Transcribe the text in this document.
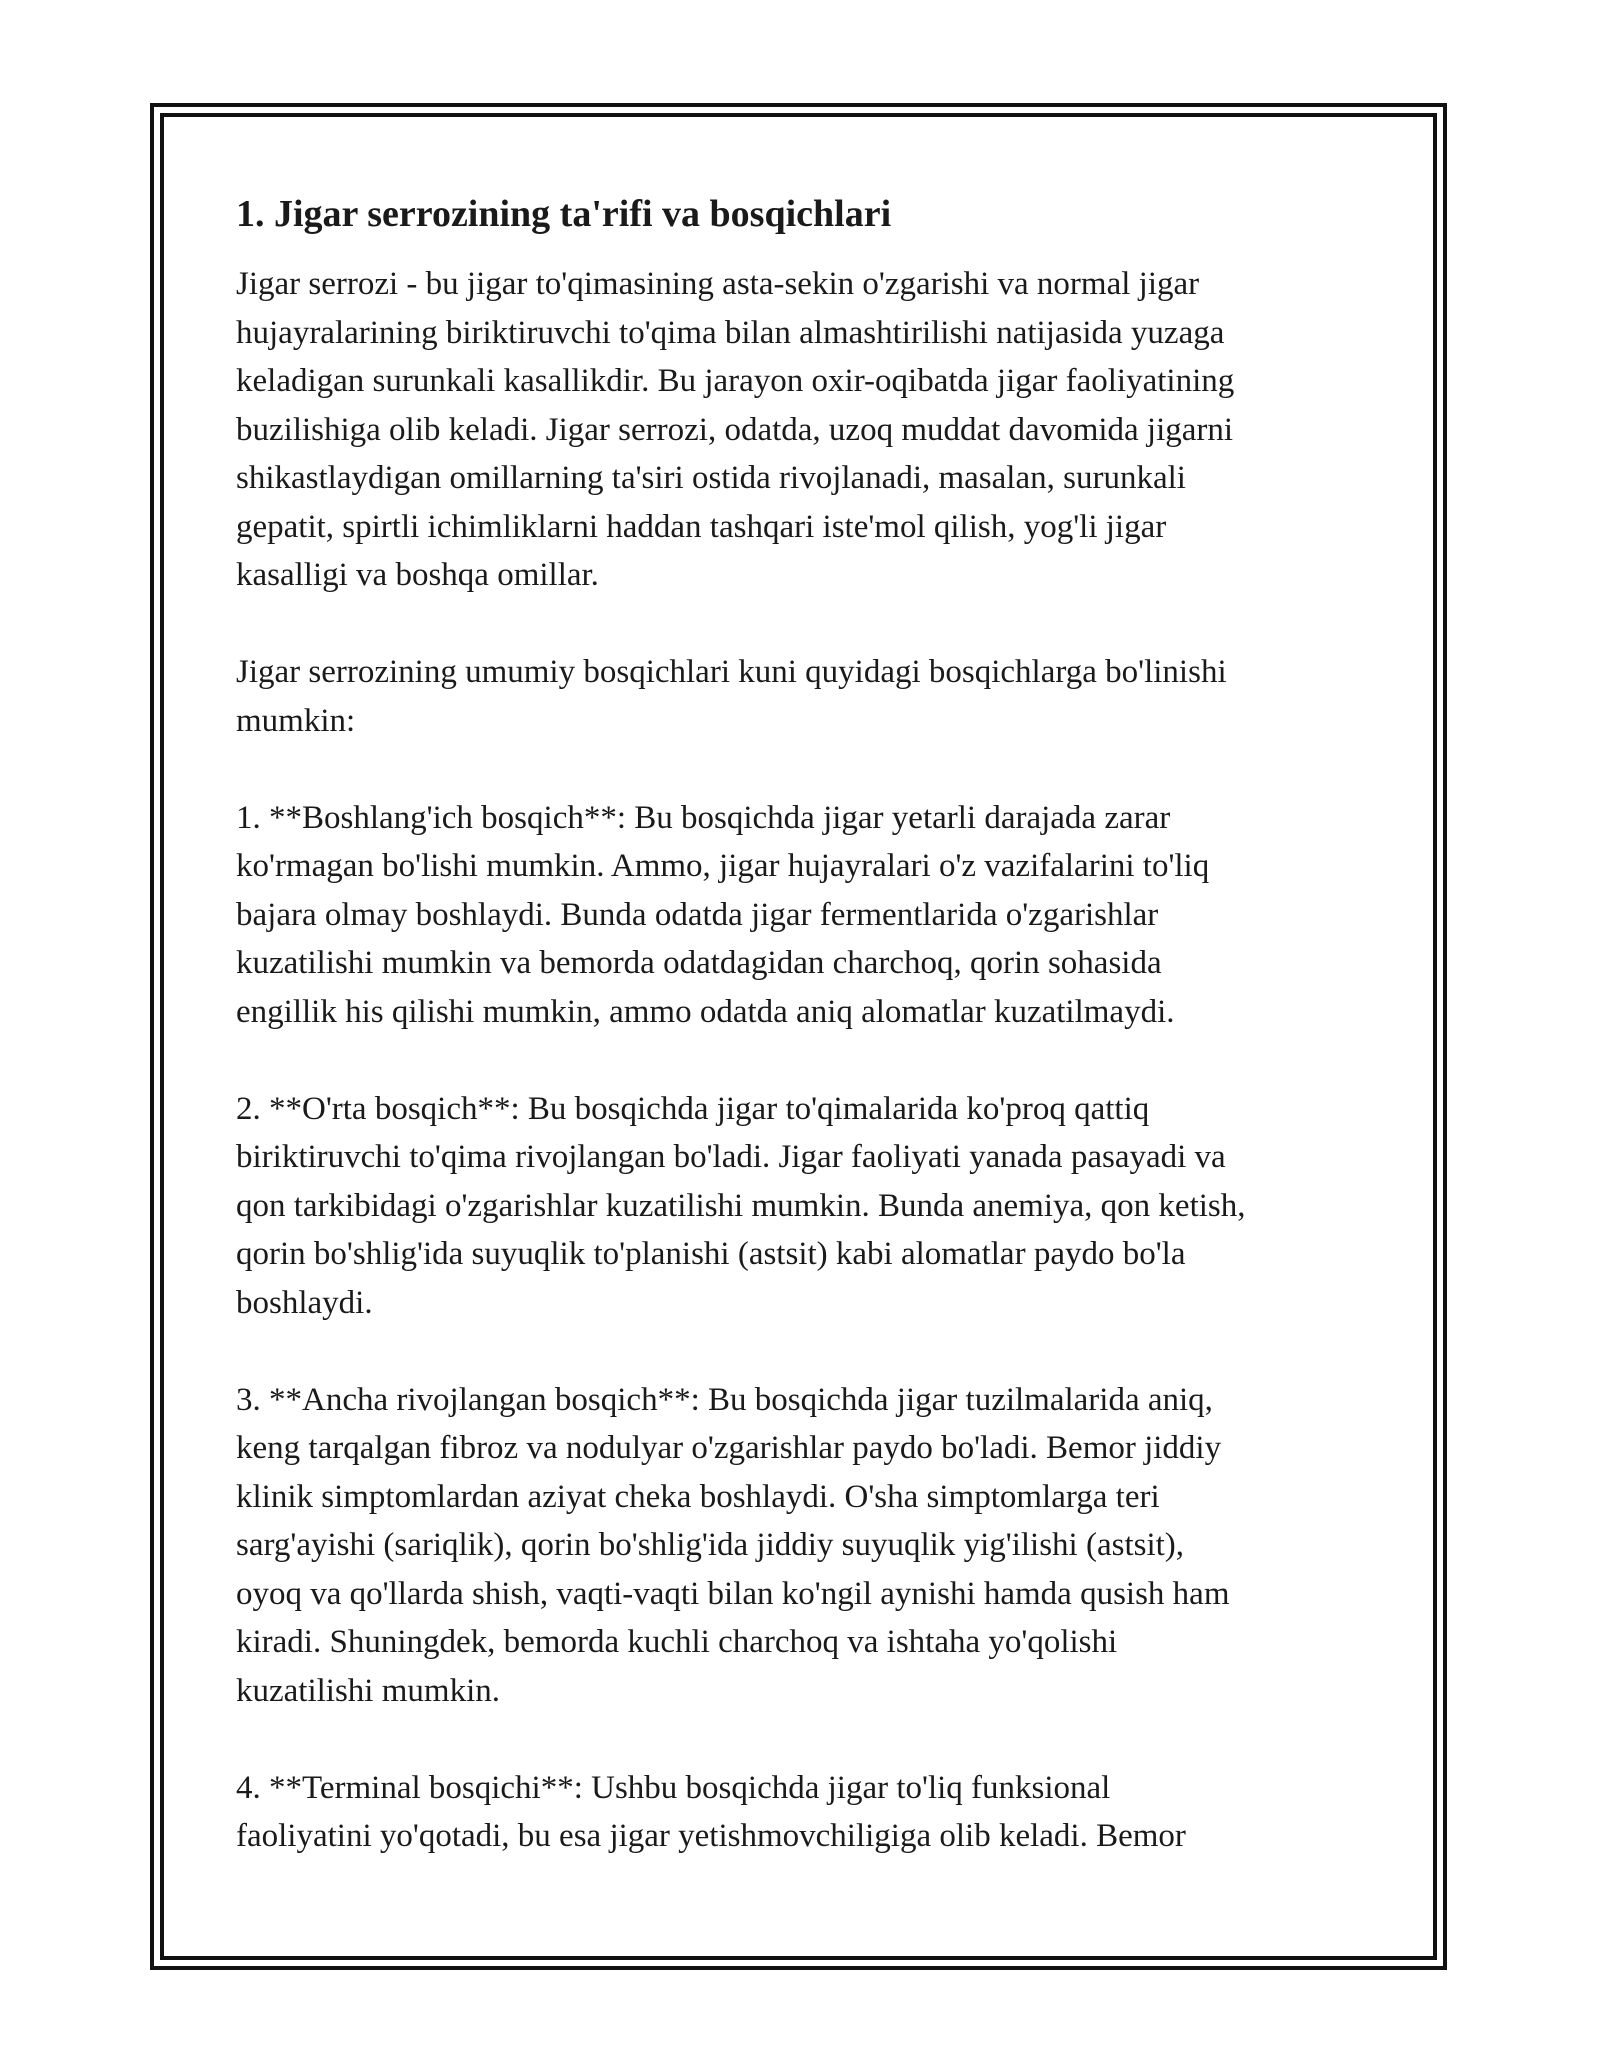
1. Jigar serrozining ta'rifi va bosqichlari

Jigar serrozi - bu jigar to'qimasining asta-sekin o'zgarishi va normal jigar
hujayralarining biriktiruvchi to'qima bilan almashtirilishi natijasida yuzaga
keladigan surunkali kasallikdir. Bu jarayon oxir-oqibatda jigar faoliyatining
buzilishiga olib keladi. Jigar serrozi, odatda, uzoq muddat davomida jigarni
shikastlaydigan omillarning ta'siri ostida rivojlanadi, masalan, surunkali
gepatit, spirtli ichimliklarni haddan tashqari iste'mol qilish, yog'li jigar
kasalligi va boshqa omillar.

Jigar serrozining umumiy bosqichlari kuni quyidagi bosqichlarga bo'linishi
mumkin:

1. **Boshlang'ich bosqich**: Bu bosqichda jigar yetarli darajada zarar
ko'rmagan bo'lishi mumkin. Ammo, jigar hujayralari o'z vazifalarini to'liq
bajara olmay boshlaydi. Bunda odatda jigar fermentlarida o'zgarishlar
kuzatilishi mumkin va bemorda odatdagidan charchoq, qorin sohasida
engillik his qilishi mumkin, ammo odatda aniq alomatlar kuzatilmaydi.

2. **O'rta bosqich**: Bu bosqichda jigar to'qimalarida ko'proq qattiq
biriktiruvchi to'qima rivojlangan bo'ladi. Jigar faoliyati yanada pasayadi va
qon tarkibidagi o'zgarishlar kuzatilishi mumkin. Bunda anemiya, qon ketish,
qorin bo'shlig'ida suyuqlik to'planishi (astsit) kabi alomatlar paydo bo'la
boshlaydi.

3. **Ancha rivojlangan bosqich**: Bu bosqichda jigar tuzilmalarida aniq,
keng tarqalgan fibroz va nodulyar o'zgarishlar paydo bo'ladi. Bemor jiddiy
klinik simptomlardan aziyat cheka boshlaydi. O'sha simptomlarga teri
sarg'ayishi (sariqlik), qorin bo'shlig'ida jiddiy suyuqlik yig'ilishi (astsit),
oyoq va qo'llarda shish, vaqti-vaqti bilan ko'ngil aynishi hamda qusish ham
kiradi. Shuningdek, bemorda kuchli charchoq va ishtaha yo'qolishi
kuzatilishi mumkin.

4. **Terminal bosqichi**: Ushbu bosqichda jigar to'liq funksional
faoliyatini yo'qotadi, bu esa jigar yetishmovchiligiga olib keladi. Bemor
